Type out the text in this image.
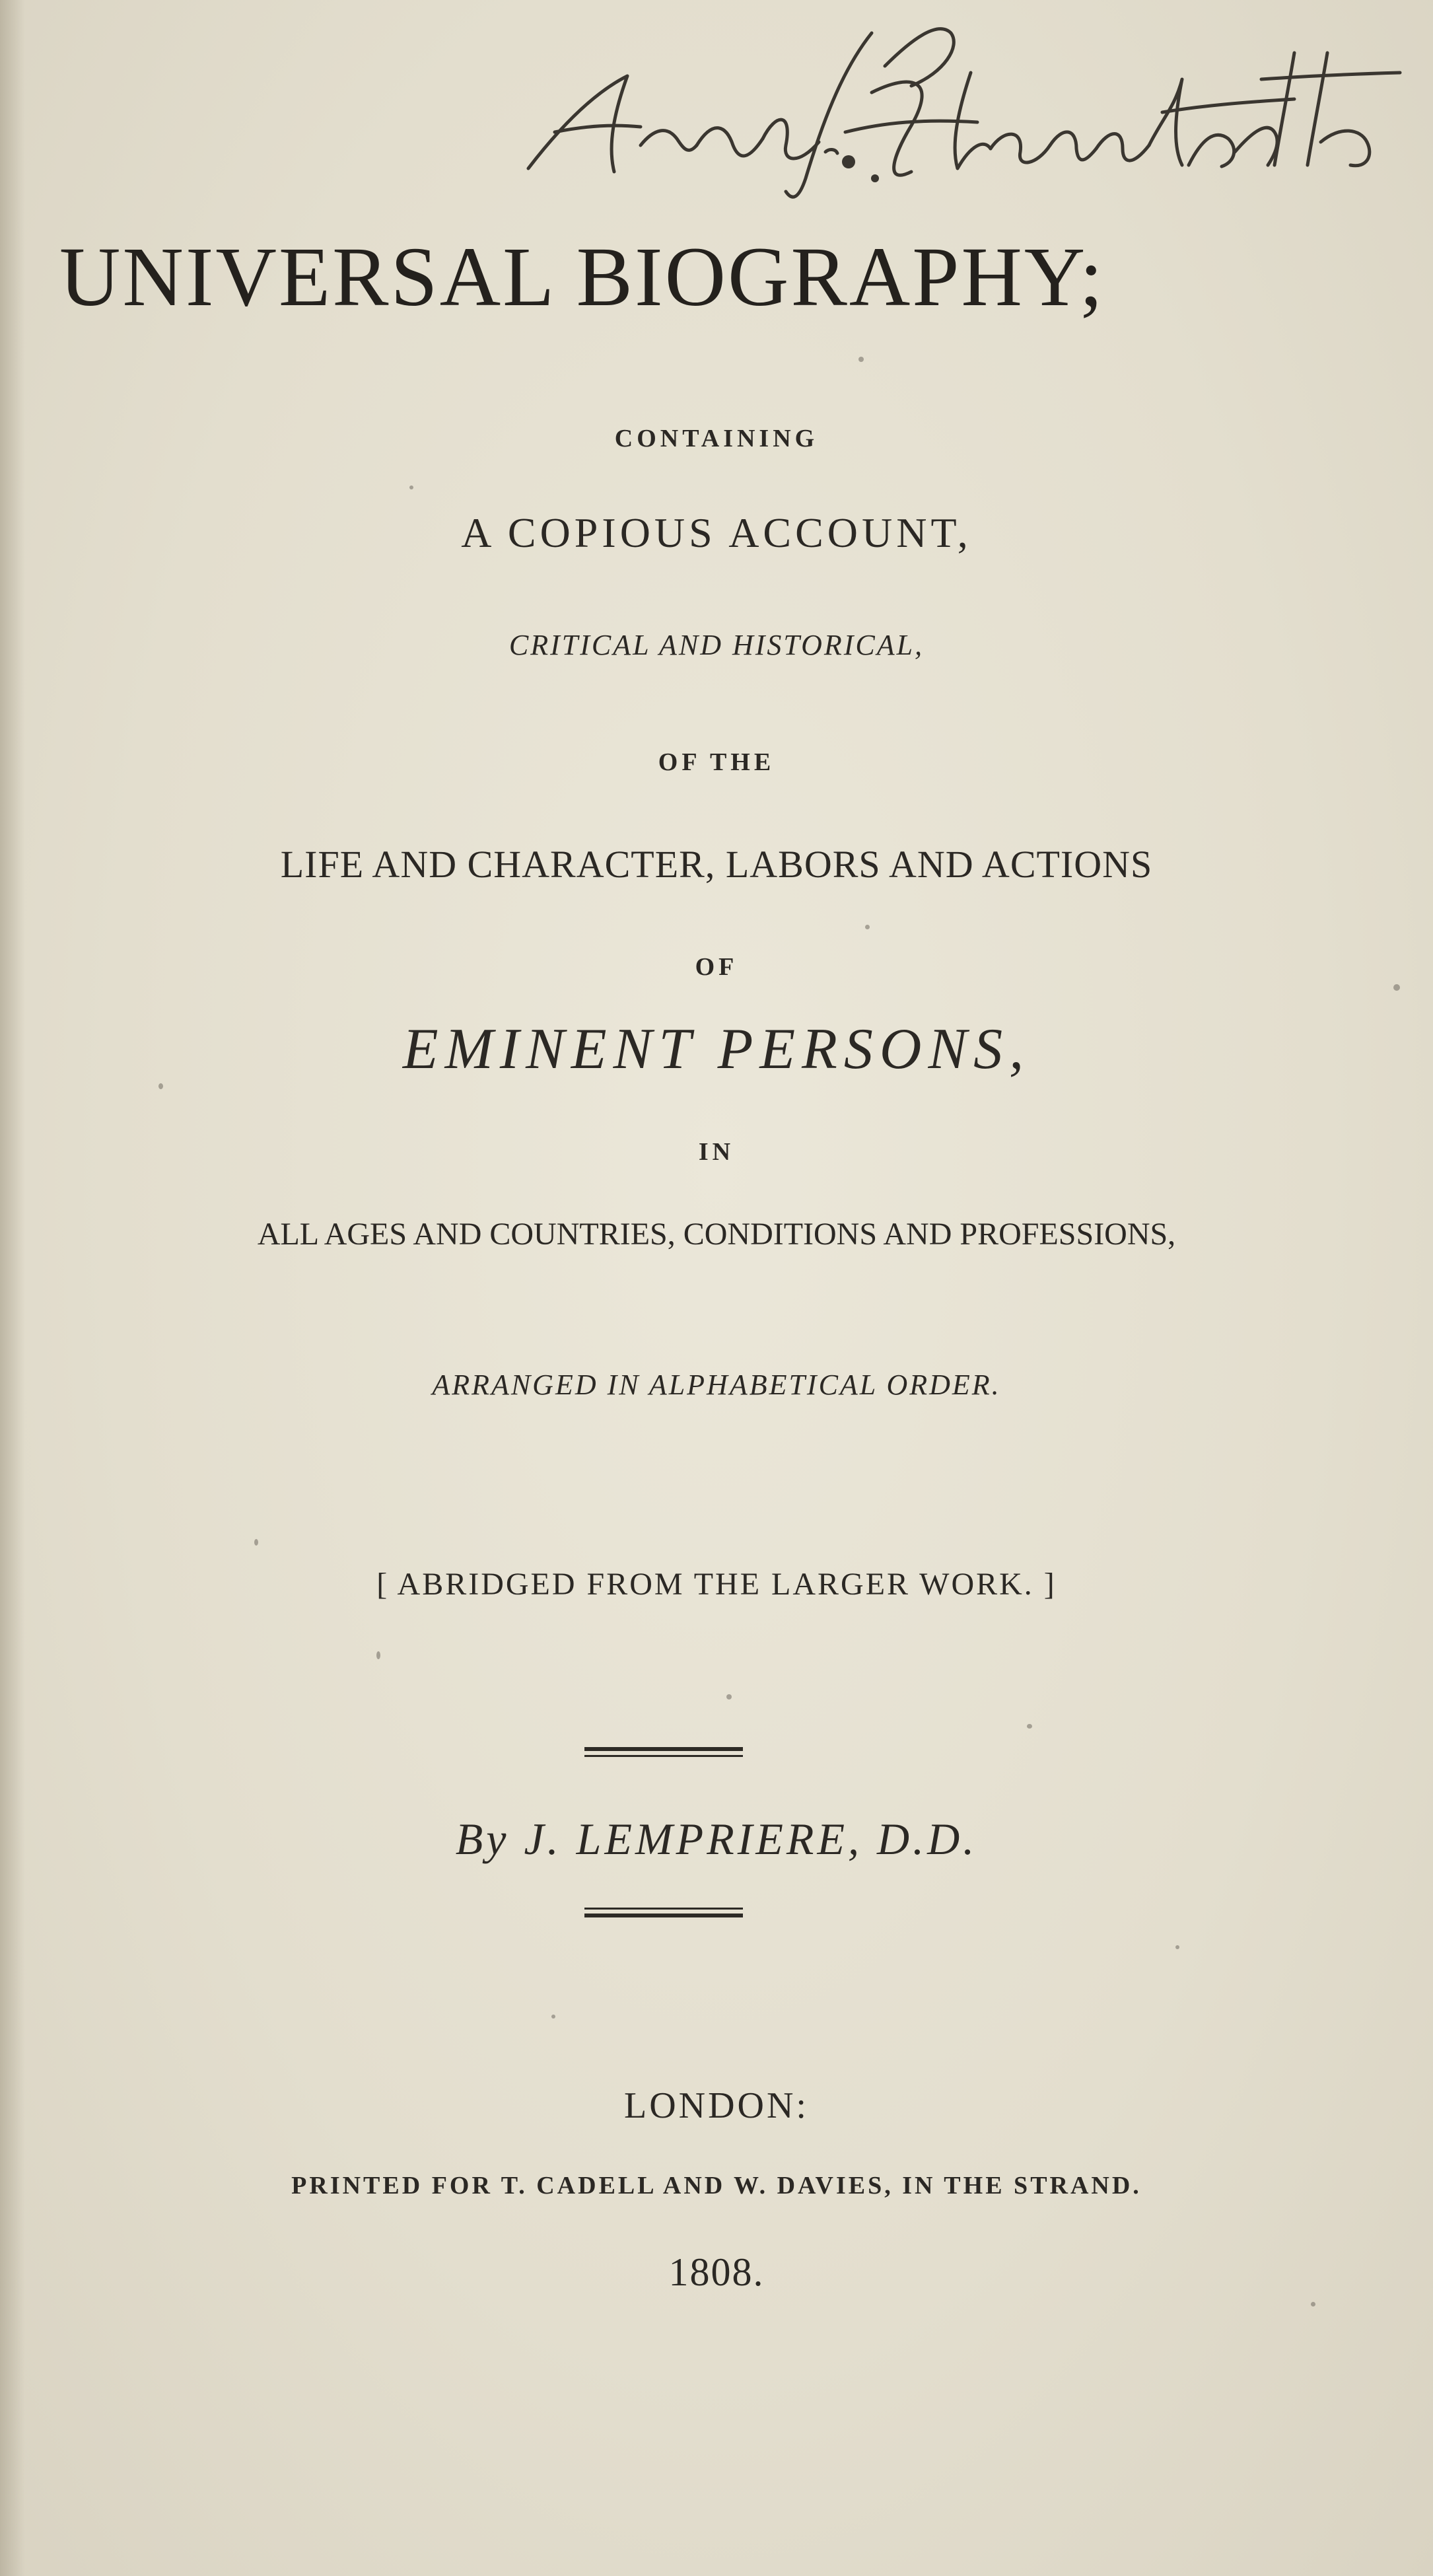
UNIVERSAL BIOGRAPHY;
CONTAINING
A COPIOUS ACCOUNT,
CRITICAL AND HISTORICAL,
OF THE
LIFE AND CHARACTER, LABORS AND ACTIONS
OF
EMINENT PERSONS,
IN
ALL AGES AND COUNTRIES, CONDITIONS AND PROFESSIONS,
ARRANGED IN ALPHABETICAL ORDER.
[ ABRIDGED FROM THE LARGER WORK. ]
By J. LEMPRIERE, D.D.
LONDON:
PRINTED FOR T. CADELL AND W. DAVIES, IN THE STRAND.
1808.
